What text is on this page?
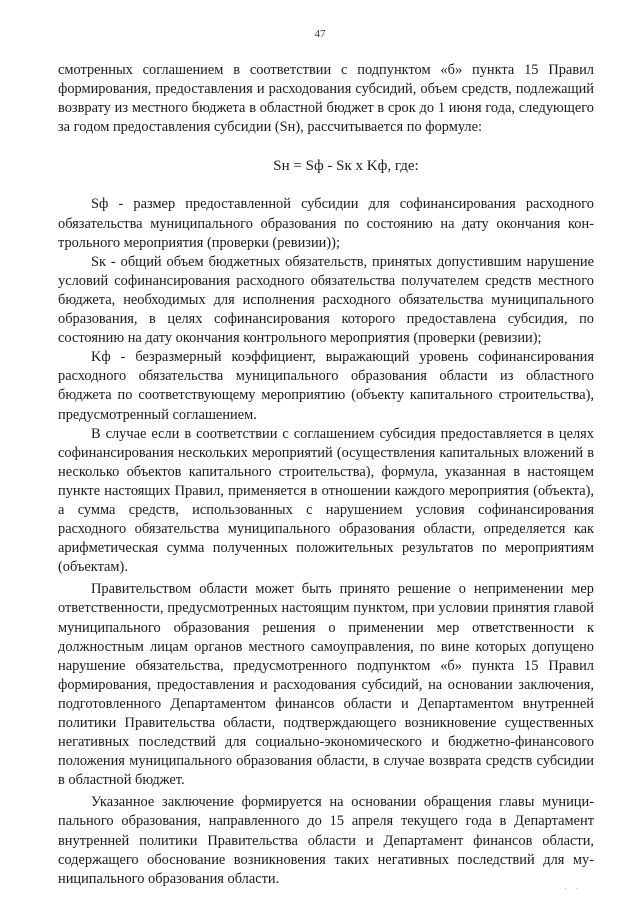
47

смотренных соглашением в соответствии с подпунктом «б» пункта 15 Правил формирования, предоставления и расходования субсидий, объем средств, подлежащий возврату из местного бюджета в областной бюджет в срок до 1 июня года, следующего за годом предоставления субсидии (Sн), рассчитывается по формуле:

Sн = Sф - Sк х Kф, где:

Sф - размер предоставленной субсидии для софинансирования расходного обязательства муниципального образования по состоянию на дату окончания контрольного мероприятия (проверки (ревизии));

Sк - общий объем бюджетных обязательств, принятых допустившим нарушение условий софинансирования расходного обязательства получателем средств местного бюджета, необходимых для исполнения расходного обязательства муниципального образования, в целях софинансирования которого предоставлена субсидия, по состоянию на дату окончания контрольного мероприятия (проверки (ревизии);

Kф - безразмерный коэффициент, выражающий уровень софинансирования расходного обязательства муниципального образования области из областного бюджета по соответствующему мероприятию (объекту капитального строительства), предусмотренный соглашением.

В случае если в соответствии с соглашением субсидия предоставляется в целях софинансирования нескольких мероприятий (осуществления капитальных вложений в несколько объектов капитального строительства), формула, указанная в настоящем пункте настоящих Правил, применяется в отношении каждого мероприятия (объекта), а сумма средств, использованных с нарушением условия софинансирования расходного обязательства муниципального образования области, определяется как арифметическая сумма полученных положительных результатов по мероприятиям (объектам).

Правительством области может быть принято решение о неприменении мер ответственности, предусмотренных настоящим пунктом, при условии принятия главой муниципального образования решения о применении мер ответственности к должностным лицам органов местного самоуправления, по вине которых допущено нарушение обязательства, предусмотренного подпунктом «б» пункта 15 Правил формирования, предоставления и расходования субсидий, на основании заключения, подготовленного Департаментом финансов области и Департаментом внутренней политики Правительства области, подтверждающего возникновение существенных негативных последствий для социально-экономического и бюджетно-финансового положения муниципального образования области, в случае возврата средств субсидии в областной бюджет.

Указанное заключение формируется на основании обращения главы муниципального образования, направленного до 15 апреля текущего года в Департамент внутренней политики Правительства области и Департамент финансов области, содержащего обоснование возникновения таких негативных последствий для муниципального образования области.

. .
